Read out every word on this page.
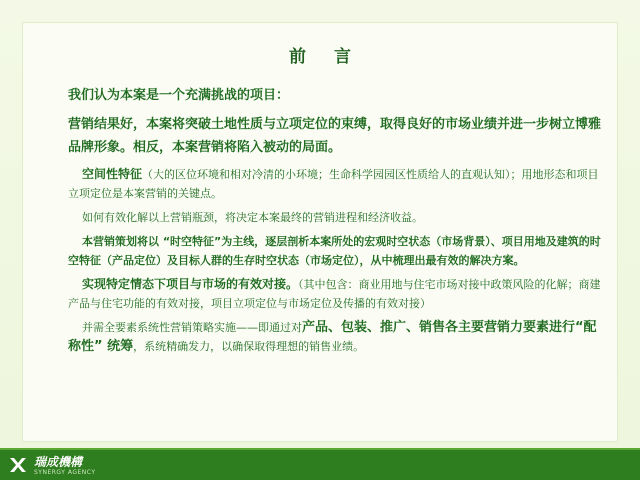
前言
我们认为本案是一个充满挑战的项目：
营销结果好，本案将突破土地性质与立项定位的束缚，取得良好的市场业绩并进一步树立博雅品牌形象。相反，本案营销将陷入被动的局面。
空间性特征（大的区位环境和相对冷清的小环境；生命科学园园区性质给人的直观认知）；用地形态和项目立项定位是本案营销的关键点。
如何有效化解以上营销瓶颈，将决定本案最终的营销进程和经济收益。
本营销策划将以 “时空特征”为主线，逐层剖析本案所处的宏观时空状态（市场背景）、项目用地及建筑的时空特征（产品定位）及目标人群的生存时空状态（市场定位），从中梳理出最有效的解决方案。
实现特定情态下项目与市场的有效对接。（其中包含：商业用地与住宅市场对接中政策风险的化解；商建产品与住宅功能的有效对接，项目立项定位与市场定位及传播的有效对接）
并需全要素系统性营销策略实施——即通过对产品、包装、推广、销售各主要营销力要素进行“配称性” 统筹，系统精确发力，以确保取得理想的销售业绩。
瑞成機構
SYNERGY AGENCY
